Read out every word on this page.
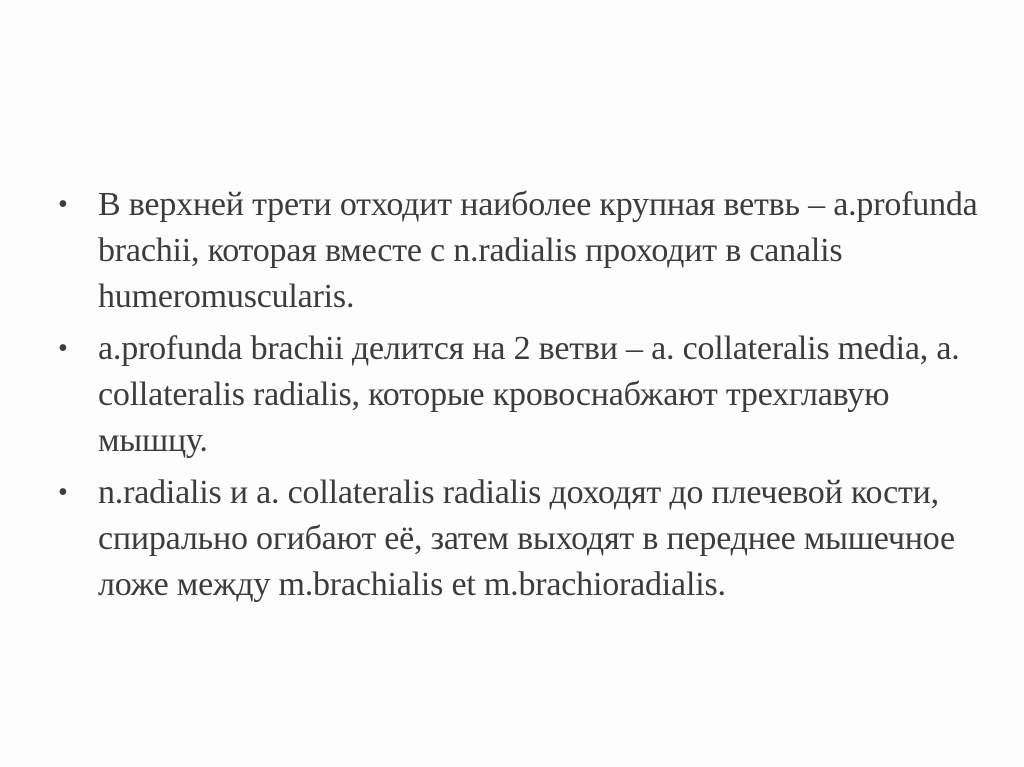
• В верхней трети отходит наиболее крупная ветвь – a.profunda brachii, которая вместе с n.radialis проходит в canalis humeromuscularis.
• a.profunda brachii делится на 2 ветви – a. collateralis media, a. collateralis radialis, которые кровоснабжают трехглавую мышцу.
• n.radialis и a. collateralis radialis доходят до плечевой кости, спирально огибают её, затем выходят в переднее мышечное ложе между m.brachialis et m.brachioradialis.
